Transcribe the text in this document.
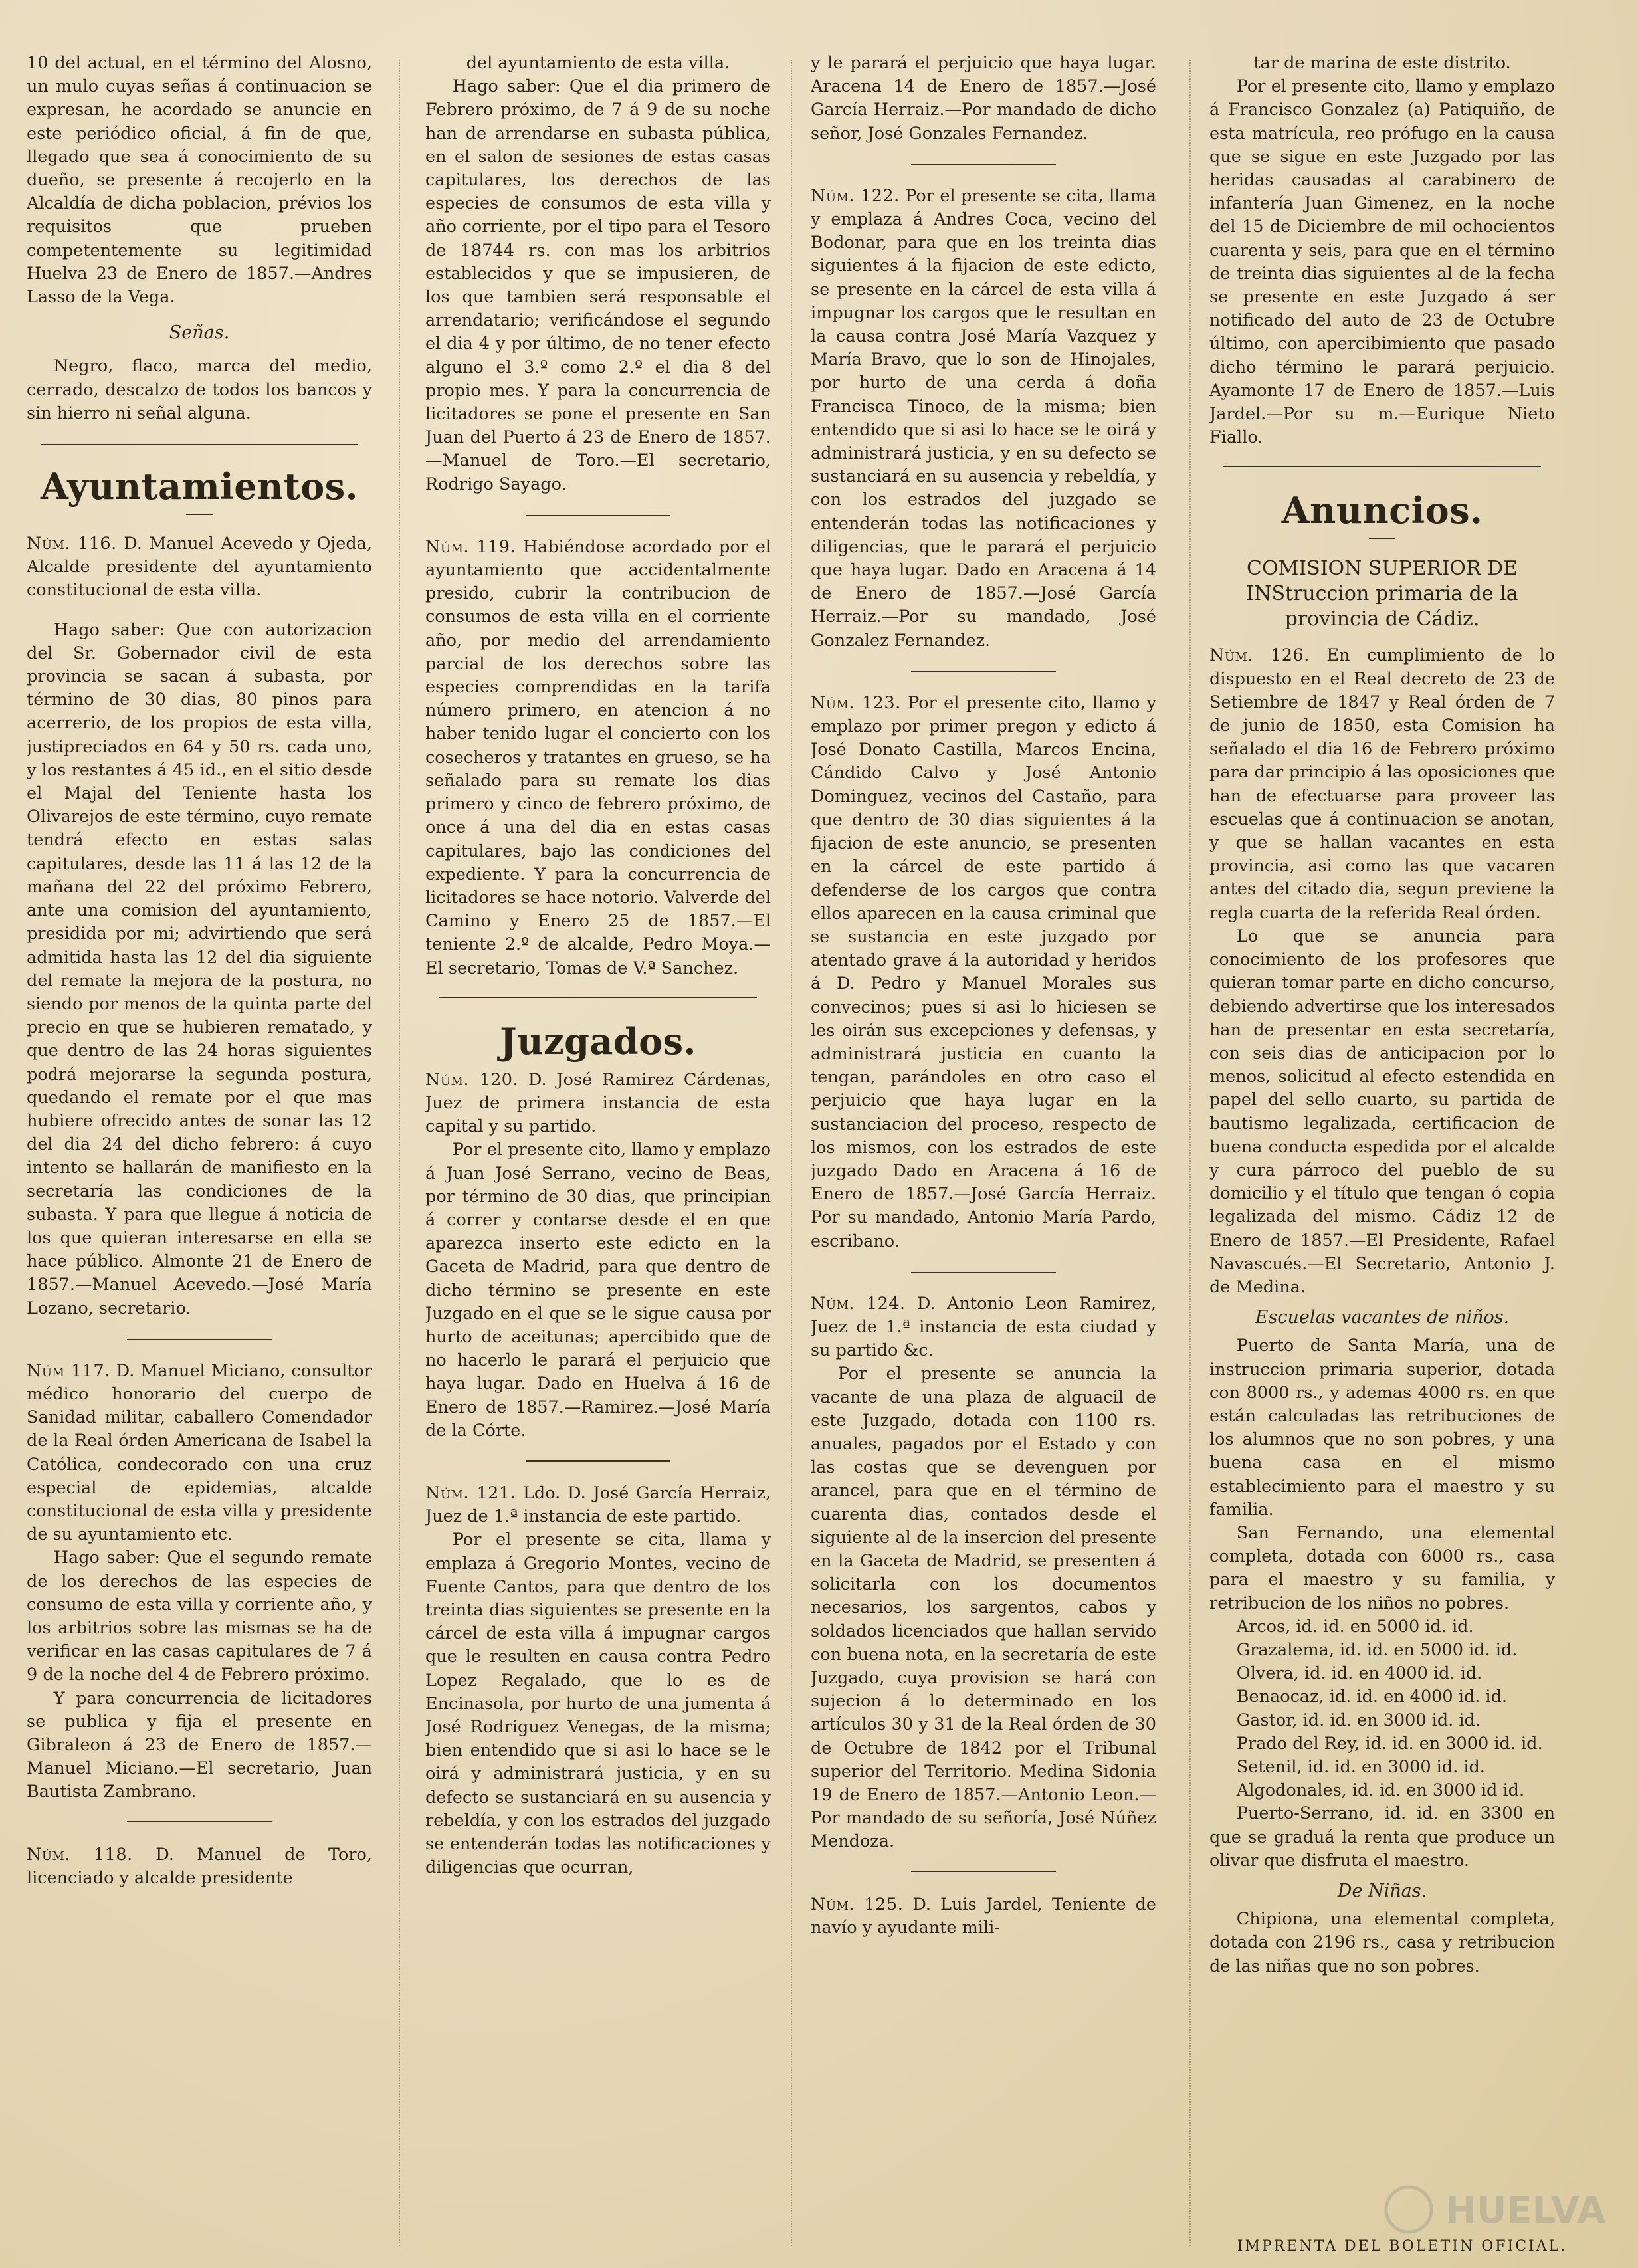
10 del actual, en el término del Alosno, un mulo cuyas señas á continuacion se expresan, he acordado se anuncie en este periódico oficial, á fin de que, llegado que sea á conocimiento de su dueño, se presente á recojerlo en la Alcaldía de dicha poblacion, prévios los requisitos que prueben competentemente su legitimidad Huelva 23 de Enero de 1857.—Andres Lasso de la Vega.

Señas.

Negro, flaco, marca del medio, cerrado, descalzo de todos los bancos y sin hierro ni señal alguna.

Ayuntamientos.

Núm. 116. D. Manuel Acevedo y Ojeda, Alcalde presidente del ayuntamiento constitucional de esta villa.

Hago saber: Que con autorizacion del Sr. Gobernador civil de esta provincia se sacan á subasta, por término de 30 dias, 80 pinos para acerrerio, de los propios de esta villa, justipreciados en 64 y 50 rs. cada uno, y los restantes á 45 id., en el sitio desde el Majal del Teniente hasta los Olivarejos de este término, cuyo remate tendrá efecto en estas salas capitulares, desde las 11 á las 12 de la mañana del 22 del próximo Febrero, ante una comision del ayuntamiento, presidida por mi; advirtiendo que será admitida hasta las 12 del dia siguiente del remate la mejora de la postura, no siendo por menos de la quinta parte del precio en que se hubieren rematado, y que dentro de las 24 horas siguientes podrá mejorarse la segunda postura, quedando el remate por el que mas hubiere ofrecido antes de sonar las 12 del dia 24 del dicho febrero: á cuyo intento se hallarán de manifiesto en la secretaría las condiciones de la subasta. Y para que llegue á noticia de los que quieran interesarse en ella se hace público. Almonte 21 de Enero de 1857.—Manuel Acevedo.—José María Lozano, secretario.

Núm 117. D. Manuel Miciano, consultor médico honorario del cuerpo de Sanidad militar, caballero Comendador de la Real órden Americana de Isabel la Católica, condecorado con una cruz especial de epidemias, alcalde constitucional de esta villa y presidente de su ayuntamiento etc.

Hago saber: Que el segundo remate de los derechos de las especies de consumo de esta villa y corriente año, y los arbitrios sobre las mismas se ha de verificar en las casas capitulares de 7 á 9 de la noche del 4 de Febrero próximo.

Y para concurrencia de licitadores se publica y fija el presente en Gibraleon á 23 de Enero de 1857.—Manuel Miciano.—El secretario, Juan Bautista Zambrano.

Núm. 118. D. Manuel de Toro, licenciado y alcalde presidente

del ayuntamiento de esta villa.

Hago saber: Que el dia primero de Febrero próximo, de 7 á 9 de su noche han de arrendarse en subasta pública, en el salon de sesiones de estas casas capitulares, los derechos de las especies de consumos de esta villa y año corriente, por el tipo para el Tesoro de 18744 rs. con mas los arbitrios establecidos y que se impusieren, de los que tambien será responsable el arrendatario; verificándose el segundo el dia 4 y por último, de no tener efecto alguno el 3.º como 2.º el dia 8 del propio mes. Y para la concurrencia de licitadores se pone el presente en San Juan del Puerto á 23 de Enero de 1857.—Manuel de Toro.—El secretario, Rodrigo Sayago.

Núm. 119. Habiéndose acordado por el ayuntamiento que accidentalmente presido, cubrir la contribucion de consumos de esta villa en el corriente año, por medio del arrendamiento parcial de los derechos sobre las especies comprendidas en la tarifa número primero, en atencion á no haber tenido lugar el concierto con los cosecheros y tratantes en grueso, se ha señalado para su remate los dias primero y cinco de febrero próximo, de once á una del dia en estas casas capitulares, bajo las condiciones del expediente. Y para la concurrencia de licitadores se hace notorio. Valverde del Camino y Enero 25 de 1857.—El teniente 2.º de alcalde, Pedro Moya.—El secretario, Tomas de V.ª Sanchez.

Juzgados.

Núm. 120. D. José Ramirez Cárdenas, Juez de primera instancia de esta capital y su partido.

Por el presente cito, llamo y emplazo á Juan José Serrano, vecino de Beas, por término de 30 dias, que principian á correr y contarse desde el en que aparezca inserto este edicto en la Gaceta de Madrid, para que dentro de dicho término se presente en este Juzgado en el que se le sigue causa por hurto de aceitunas; apercibido que de no hacerlo le parará el perjuicio que haya lugar. Dado en Huelva á 16 de Enero de 1857.—Ramirez.—José María de la Córte.

Núm. 121. Ldo. D. José García Herraiz, Juez de 1.ª instancia de este partido.

Por el presente se cita, llama y emplaza á Gregorio Montes, vecino de Fuente Cantos, para que dentro de los treinta dias siguientes se presente en la cárcel de esta villa á impugnar cargos que le resulten en causa contra Pedro Lopez Regalado, que lo es de Encinasola, por hurto de una jumenta á José Rodriguez Venegas, de la misma; bien entendido que si asi lo hace se le oirá y administrará justicia, y en su defecto se sustanciará en su ausencia y rebeldía, y con los estrados del juzgado se entenderán todas las notificaciones y diligencias que ocurran,

y le parará el perjuicio que haya lugar. Aracena 14 de Enero de 1857.—José García Herraiz.—Por mandado de dicho señor, José Gonzales Fernandez.

Núm. 122. Por el presente se cita, llama y emplaza á Andres Coca, vecino del Bodonar, para que en los treinta dias siguientes á la fijacion de este edicto, se presente en la cárcel de esta villa á impugnar los cargos que le resultan en la causa contra José María Vazquez y María Bravo, que lo son de Hinojales, por hurto de una cerda á doña Francisca Tinoco, de la misma; bien entendido que si asi lo hace se le oirá y administrará justicia, y en su defecto se sustanciará en su ausencia y rebeldía, y con los estrados del juzgado se entenderán todas las notificaciones y diligencias, que le parará el perjuicio que haya lugar. Dado en Aracena á 14 de Enero de 1857.—José García Herraiz.—Por su mandado, José Gonzalez Fernandez.

Núm. 123. Por el presente cito, llamo y emplazo por primer pregon y edicto á José Donato Castilla, Marcos Encina, Cándido Calvo y José Antonio Dominguez, vecinos del Castaño, para que dentro de 30 dias siguientes á la fijacion de este anuncio, se presenten en la cárcel de este partido á defenderse de los cargos que contra ellos aparecen en la causa criminal que se sustancia en este juzgado por atentado grave á la autoridad y heridos á D. Pedro y Manuel Morales sus convecinos; pues si asi lo hiciesen se les oirán sus excepciones y defensas, y administrará justicia en cuanto la tengan, parándoles en otro caso el perjuicio que haya lugar en la sustanciacion del proceso, respecto de los mismos, con los estrados de este juzgado Dado en Aracena á 16 de Enero de 1857.—José García Herraiz. Por su mandado, Antonio María Pardo, escribano.

Núm. 124. D. Antonio Leon Ramirez, Juez de 1.ª instancia de esta ciudad y su partido &c.

Por el presente se anuncia la vacante de una plaza de alguacil de este Juzgado, dotada con 1100 rs. anuales, pagados por el Estado y con las costas que se devenguen por arancel, para que en el término de cuarenta dias, contados desde el siguiente al de la insercion del presente en la Gaceta de Madrid, se presenten á solicitarla con los documentos necesarios, los sargentos, cabos y soldados licenciados que hallan servido con buena nota, en la secretaría de este Juzgado, cuya provision se hará con sujecion á lo determinado en los artículos 30 y 31 de la Real órden de 30 de Octubre de 1842 por el Tribunal superior del Territorio. Medina Sidonia 19 de Enero de 1857.—Antonio Leon.—Por mandado de su señoría, José Núñez Mendoza.

Núm. 125. D. Luis Jardel, Teniente de navío y ayudante mili-

tar de marina de este distrito.

Por el presente cito, llamo y emplazo á Francisco Gonzalez (a) Patiquiño, de esta matrícula, reo prófugo en la causa que se sigue en este Juzgado por las heridas causadas al carabinero de infantería Juan Gimenez, en la noche del 15 de Diciembre de mil ochocientos cuarenta y seis, para que en el término de treinta dias siguientes al de la fecha se presente en este Juzgado á ser notificado del auto de 23 de Octubre último, con apercibimiento que pasado dicho término le parará perjuicio. Ayamonte 17 de Enero de 1857.—Luis Jardel.—Por su m.—Eurique Nieto Fiallo.

Anuncios.

COMISION SUPERIOR DE INStruccion primaria de la provincia de Cádiz.

Núm. 126. En cumplimiento de lo dispuesto en el Real decreto de 23 de Setiembre de 1847 y Real órden de 7 de junio de 1850, esta Comision ha señalado el dia 16 de Febrero próximo para dar principio á las oposiciones que han de efectuarse para proveer las escuelas que á continuacion se anotan, y que se hallan vacantes en esta provincia, asi como las que vacaren antes del citado dia, segun previene la regla cuarta de la referida Real órden.

Lo que se anuncia para conocimiento de los profesores que quieran tomar parte en dicho concurso, debiendo advertirse que los interesados han de presentar en esta secretaría, con seis dias de anticipacion por lo menos, solicitud al efecto estendida en papel del sello cuarto, su partida de bautismo legalizada, certificacion de buena conducta espedida por el alcalde y cura párroco del pueblo de su domicilio y el título que tengan ó copia legalizada del mismo. Cádiz 12 de Enero de 1857.—El Presidente, Rafael Navascués.—El Secretario, Antonio J. de Medina.

Escuelas vacantes de niños.

Puerto de Santa María, una de instruccion primaria superior, dotada con 8000 rs., y ademas 4000 rs. en que están calculadas las retribuciones de los alumnos que no son pobres, y una buena casa en el mismo establecimiento para el maestro y su familia.

San Fernando, una elemental completa, dotada con 6000 rs., casa para el maestro y su familia, y retribucion de los niños no pobres.

Arcos, id. id. en 5000 id. id.

Grazalema, id. id. en 5000 id. id.

Olvera, id. id. en 4000 id. id.

Benaocaz, id. id. en 4000 id. id.

Gastor, id. id. en 3000 id. id.

Prado del Rey, id. id. en 3000 id. id.

Setenil, id. id. en 3000 id. id.

Algodonales, id. id. en 3000 id id.

Puerto-Serrano, id. id. en 3300 en que se graduá la renta que produce un olivar que disfruta el maestro.

De Niñas.

Chipiona, una elemental completa, dotada con 2196 rs., casa y retribucion de las niñas que no son pobres.

HUELVA
IMPRENTA DEL BOLETIN OFICIAL.
